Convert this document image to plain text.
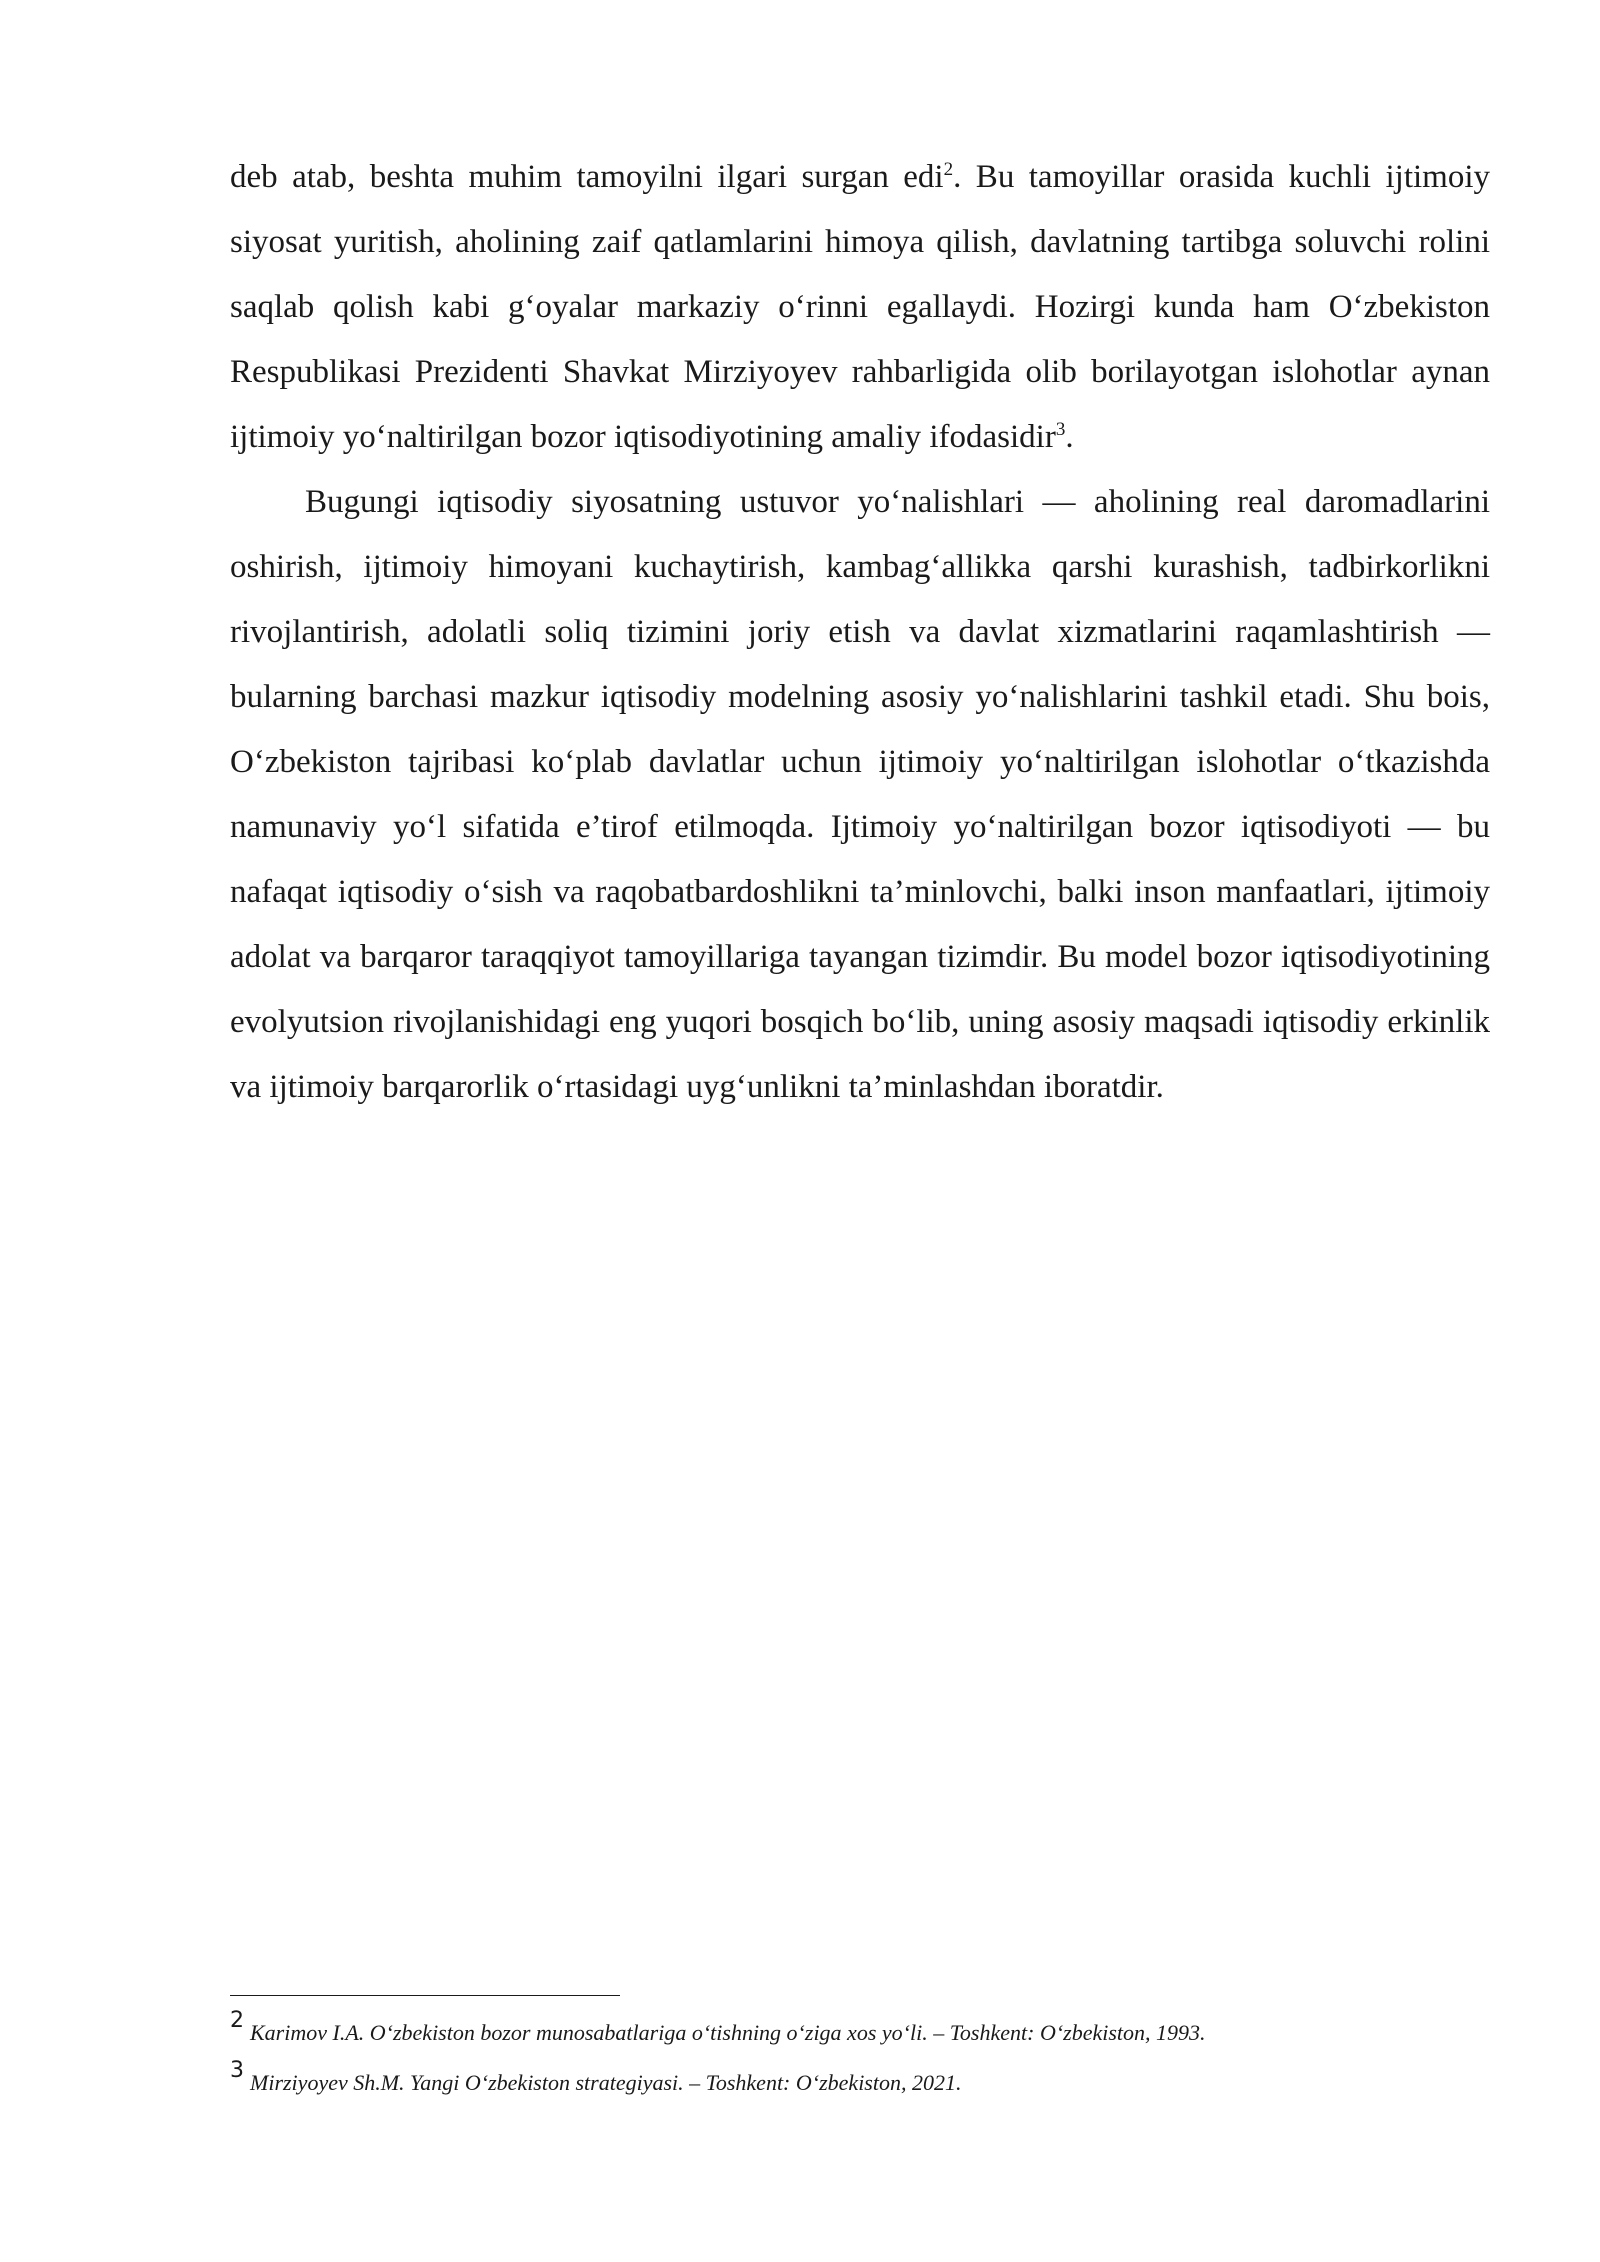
deb atab, beshta muhim tamoyilni ilgari surgan edi$^2$. Bu tamoyillar orasida kuchli ijtimoiy siyosat yuritish, aholining zaif qatlamlarini himoya qilish, davlatning tartibga soluvchi rolini saqlab qolish kabi g‘oyalar markaziy o‘rinni egallaydi. Hozirgi kunda ham O‘zbekiston Respublikasi Prezidenti Shavkat Mirziyoyev rahbarligida olib borilayotgan islohotlar aynan ijtimoiy yo‘naltirilgan bozor iqtisodiyotining amaliy ifodasidir$^3$.

Bugungi iqtisodiy siyosatning ustuvor yo‘nalishlari — aholining real daromadlarini oshirish, ijtimoiy himoyani kuchaytirish, kambag‘allikka qarshi kurashish, tadbirkorlikni rivojlantirish, adolatli soliq tizimini joriy etish va davlat xizmatlarini raqamlashtirish — bularning barchasi mazkur iqtisodiy modelning asosiy yo‘nalishlarini tashkil etadi. Shu bois, O‘zbekiston tajribasi ko‘plab davlatlar uchun ijtimoiy yo‘naltirilgan islohotlar o‘tkazishda namunaviy yo‘l sifatida e’tirof etilmoqda. Ijtimoiy yo‘naltirilgan bozor iqtisodiyoti — bu nafaqat iqtisodiy o‘sish va raqobatbardoshlikni ta’minlovchi, balki inson manfaatlari, ijtimoiy adolat va barqaror taraqqiyot tamoyillariga tayangan tizimdir. Bu model bozor iqtisodiyotining evolyutsion rivojlanishidagi eng yuqori bosqich bo‘lib, uning asosiy maqsadi iqtisodiy erkinlik va ijtimoiy barqarorlik o‘rtasidagi uyg‘unlikni ta’minlashdan iboratdir.

2 Karimov I.A. O‘zbekiston bozor munosabatlariga o‘tishning o‘ziga xos yo‘li. – Toshkent: O‘zbekiston, 1993.
3 Mirziyoyev Sh.M. Yangi O‘zbekiston strategiyasi. – Toshkent: O‘zbekiston, 2021.
